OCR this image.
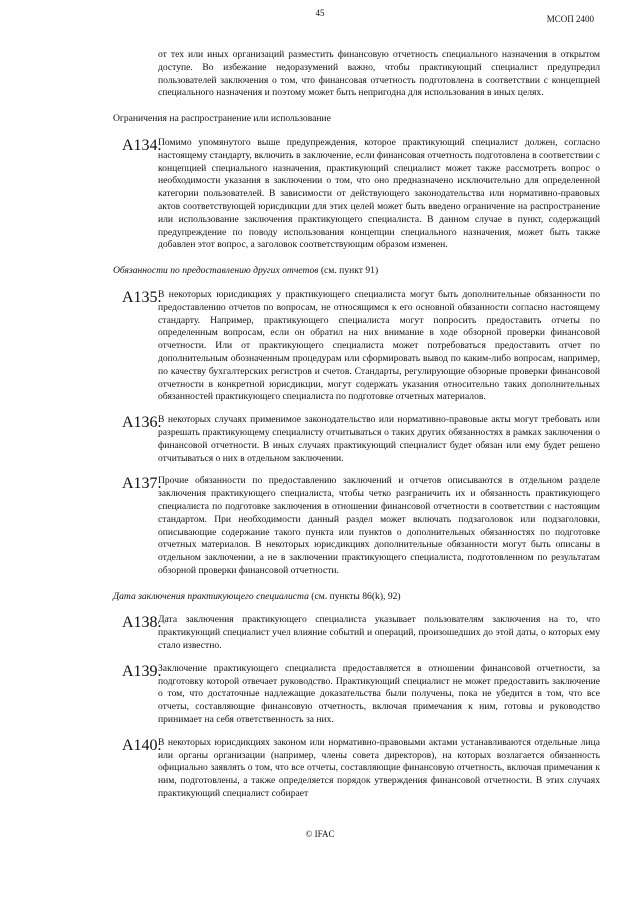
45
МСОП 2400

от тех или иных организаций разместить финансовую отчетность специального назначения в открытом доступе. Во избежание недоразумений важно, чтобы практикующий специалист предупредил пользователей заключения о том, что финансовая отчетность подготовлена в соответствии с концепцией специального назначения и поэтому может быть непригодна для использования в иных целях.

Ограничения на распространение или использование

A134.

Помимо упомянутого выше предупреждения, которое практикующий специалист должен, согласно настоящему стандарту, включить в заключение, если финансовая отчетность подготовлена в соответствии с концепцией специального назначения, практикующий специалист может также рассмотреть вопрос о необходимости указания в заключении о том, что оно предназначено исключительно для определенной категории пользователей. В зависимости от действующего законодательства или нормативно-правовых актов соответствующей юрисдикции для этих целей может быть введено ограничение на распространение или использование заключения практикующего специалиста. В данном случае в пункт, содержащий предупреждение по поводу использования концепции специального назначения, может быть также добавлен этот вопрос, а заголовок соответствующим образом изменен.

Обязанности по предоставлению других отчетов (см. пункт 91)

A135.

В некоторых юрисдикциях у практикующего специалиста могут быть дополнительные обязанности по предоставлению отчетов по вопросам, не относящимся к его основной обязанности согласно настоящему стандарту. Например, практикующего специалиста могут попросить предоставить отчеты по определенным вопросам, если он обратил на них внимание в ходе обзорной проверки финансовой отчетности. Или от практикующего специалиста может потребоваться предоставить отчет по дополнительным обозначенным процедурам или сформировать вывод по каким-либо вопросам, например, по качеству бухгалтерских регистров и счетов. Стандарты, регулирующие обзорные проверки финансовой отчетности в конкретной юрисдикции, могут содержать указания относительно таких дополнительных обязанностей практикующего специалиста по подготовке отчетных материалов.

A136.

В некоторых случаях применимое законодательство или нормативно-правовые акты могут требовать или разрешать практикующему специалисту отчитываться о таких других обязанностях в рамках заключения о финансовой отчетности. В иных случаях практикующий специалист будет обязан или ему будет решено отчитываться о них в отдельном заключении.

A137.

Прочие обязанности по предоставлению заключений и отчетов описываются в отдельном разделе заключения практикующего специалиста, чтобы четко разграничить их и обязанность практикующего специалиста по подготовке заключения в отношении финансовой отчетности в соответствии с настоящим стандартом. При необходимости данный раздел может включать подзаголовок или подзаголовки, описывающие содержание такого пункта или пунктов о дополнительных обязанностях по подготовке отчетных материалов. В некоторых юрисдикциях дополнительные обязанности могут быть описаны в отдельном заключении, а не в заключении практикующего специалиста, подготовленном по результатам обзорной проверки финансовой отчетности.

Дата заключения практикующего специалиста (см. пункты 86(k), 92)

A138.

Дата заключения практикующего специалиста указывает пользователям заключения на то, что практикующий специалист учел влияние событий и операций, произошедших до этой даты, о которых ему стало известно.

A139.

Заключение практикующего специалиста предоставляется в отношении финансовой отчетности, за подготовку которой отвечает руководство. Практикующий специалист не может предоставить заключение о том, что достаточные надлежащие доказательства были получены, пока не убедится в том, что все отчеты, составляющие финансовую отчетность, включая примечания к ним, готовы и руководство принимает на себя ответственность за них.

A140.

В некоторых юрисдикциях законом или нормативно-правовыми актами устанавливаются отдельные лица или органы организации (например, члены совета директоров), на которых возлагается обязанность официально заявлять о том, что все отчеты, составляющие финансовую отчетность, включая примечания к ним, подготовлены, а также определяется порядок утверждения финансовой отчетности. В этих случаях практикующий специалист собирает

© IFAC
